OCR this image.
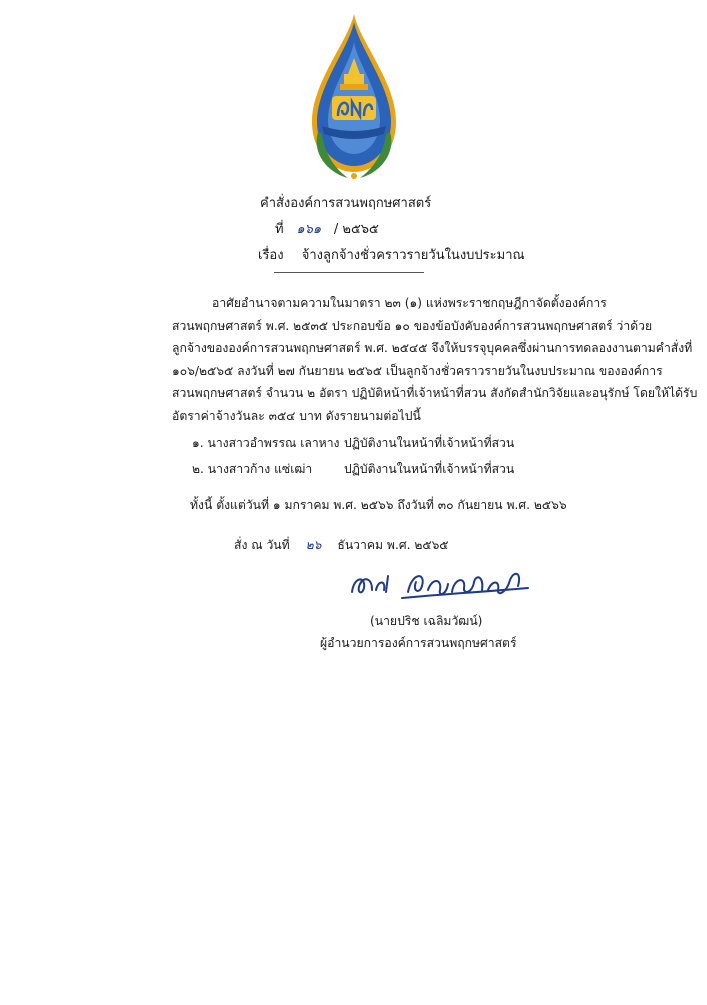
คำสั่งองค์การสวนพฤกษศาสตร์
ที่ ๑๖๑ / ๒๕๖๕
เรื่อง จ้างลูกจ้างชั่วคราวรายวันในงบประมาณ
อาศัยอำนาจตามความในมาตรา ๒๓ (๑) แห่งพระราชกฤษฎีกาจัดตั้งองค์การ
สวนพฤกษศาสตร์ พ.ศ. ๒๕๓๕ ประกอบข้อ ๑๐ ของข้อบังคับองค์การสวนพฤกษศาสตร์ ว่าด้วย
ลูกจ้างขององค์การสวนพฤกษศาสตร์ พ.ศ. ๒๕๔๕ จึงให้บรรจุบุคคลซึ่งผ่านการทดลองงานตามคำสั่งที่
๑๐๖/๒๕๖๕ ลงวันที่ ๒๗ กันยายน ๒๕๖๕ เป็นลูกจ้างชั่วคราวรายวันในงบประมาณ ขององค์การ
สวนพฤกษศาสตร์ จำนวน ๒ อัตรา ปฏิบัติหน้าที่เจ้าหน้าที่สวน สังกัดสำนักวิจัยและอนุรักษ์ โดยให้ได้รับ
อัตราค่าจ้างวันละ ๓๕๔ บาท ดังรายนามต่อไปนี้
๑. นางสาวอำพรรณ เลาหาง ปฏิบัติงานในหน้าที่เจ้าหน้าที่สวน
๒. นางสาวก้าง แซ่เฒ่า	ปฏิบัติงานในหน้าที่เจ้าหน้าที่สวน
ทั้งนี้ ตั้งแต่วันที่ ๑ มกราคม พ.ศ. ๒๕๖๖ ถึงวันที่ ๓๐ กันยายน พ.ศ. ๒๕๖๖
สั่ง ณ วันที่ ๒๖ ธันวาคม พ.ศ. ๒๕๖๕
(นายปริช เฉลิมวัฒน์)
ผู้อำนวยการองค์การสวนพฤกษศาสตร์
